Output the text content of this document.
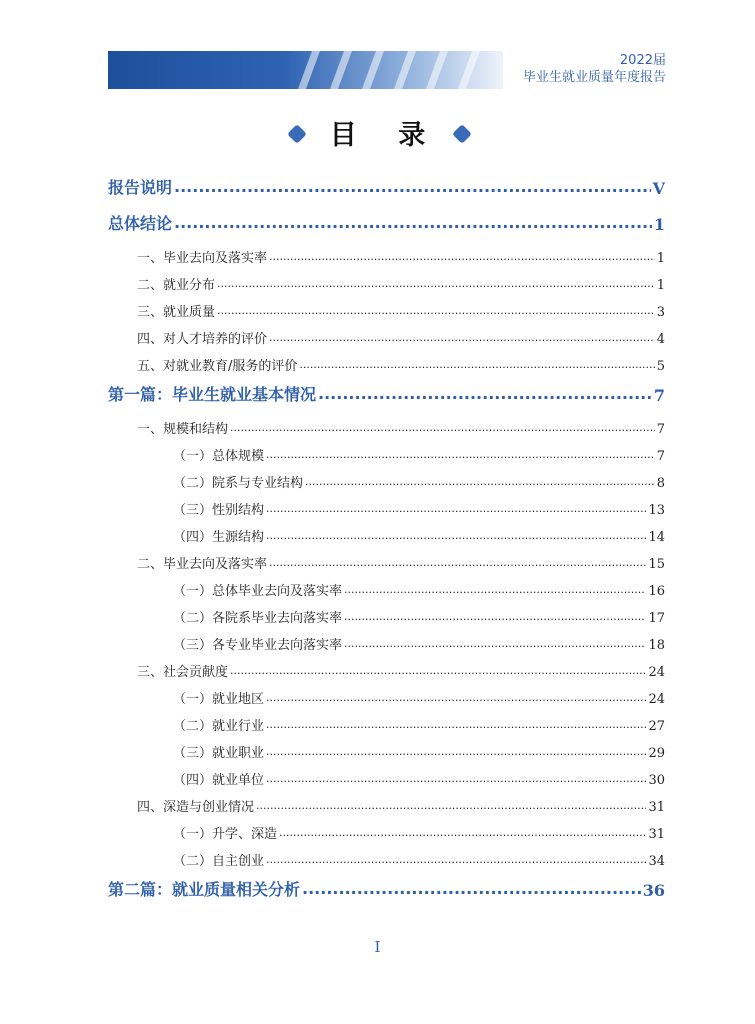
2022届
毕业生就业质量年度报告
目 录
报告说明 .....	V
总体结论 .....	1
一、毕业去向及落实率 .....	1
二、就业分布 .....	1
三、就业质量 .....	3
四、对人才培养的评价 .....	4
五、对就业教育/服务的评价 .....	5
第一篇：毕业生就业基本情况 .....	7
一、规模和结构 .....	7
（一）总体规模 .....	7
（二）院系与专业结构 .....	8
（三）性别结构 .....	13
（四）生源结构 .....	14
二、毕业去向及落实率 .....	15
（一）总体毕业去向及落实率 .....	16
（二）各院系毕业去向落实率 .....	17
（三）各专业毕业去向落实率 .....	18
三、社会贡献度 .....	24
（一）就业地区 .....	24
（二）就业行业 .....	27
（三）就业职业 .....	29
（四）就业单位 .....	30
四、深造与创业情况 .....	31
（一）升学、深造 .....	31
（二）自主创业 .....	34
第二篇：就业质量相关分析 .....	36
I
